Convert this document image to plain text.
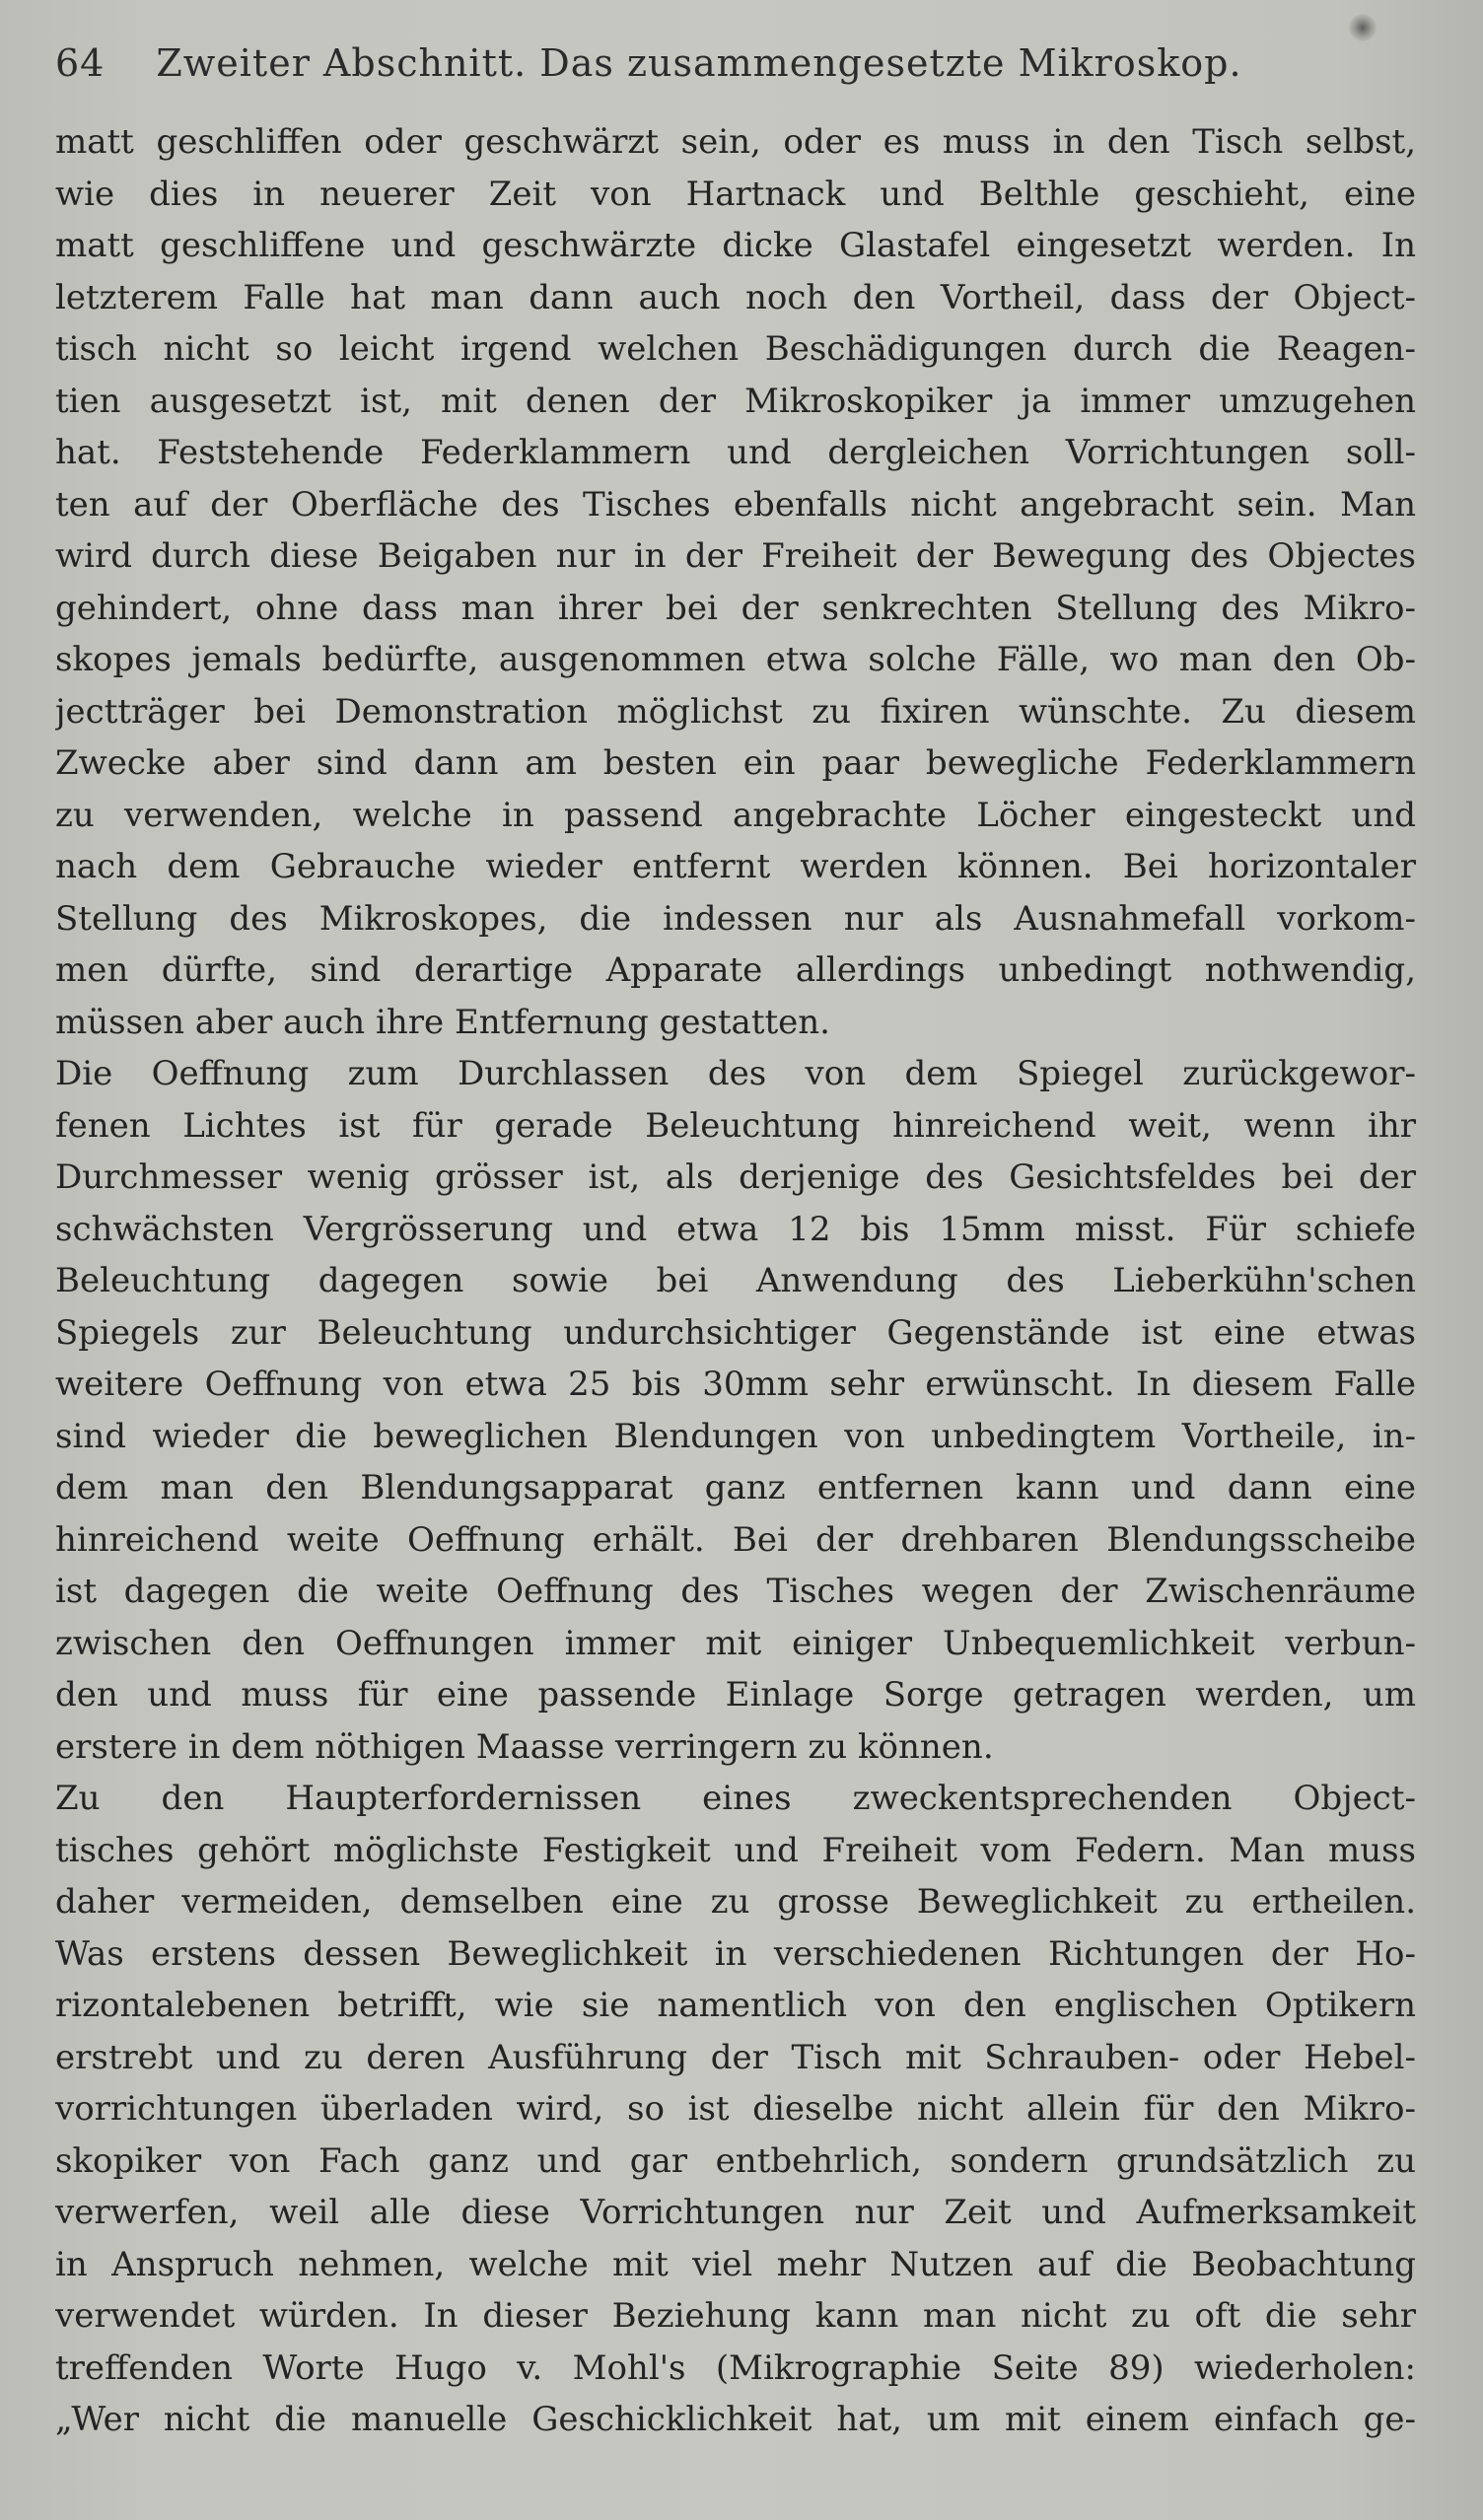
64 Zweiter Abschnitt. Das zusammengesetzte Mikroskop.
matt geschliffen oder geschwärzt sein, oder es muss in den Tisch selbst,
wie dies in neuerer Zeit von Hartnack und Belthle geschieht, eine
matt geschliffene und geschwärzte dicke Glastafel eingesetzt werden. In
letzterem Falle hat man dann auch noch den Vortheil, dass der Object-
tisch nicht so leicht irgend welchen Beschädigungen durch die Reagen-
tien ausgesetzt ist, mit denen der Mikroskopiker ja immer umzugehen
hat. Feststehende Federklammern und dergleichen Vorrichtungen soll-
ten auf der Oberfläche des Tisches ebenfalls nicht angebracht sein. Man
wird durch diese Beigaben nur in der Freiheit der Bewegung des Objectes
gehindert, ohne dass man ihrer bei der senkrechten Stellung des Mikro-
skopes jemals bedürfte, ausgenommen etwa solche Fälle, wo man den Ob-
jectträger bei Demonstration möglichst zu fixiren wünschte. Zu diesem
Zwecke aber sind dann am besten ein paar bewegliche Federklammern
zu verwenden, welche in passend angebrachte Löcher eingesteckt und
nach dem Gebrauche wieder entfernt werden können. Bei horizontaler
Stellung des Mikroskopes, die indessen nur als Ausnahmefall vorkom-
men dürfte, sind derartige Apparate allerdings unbedingt nothwendig,
müssen aber auch ihre Entfernung gestatten.
Die Oeffnung zum Durchlassen des von dem Spiegel zurückgewor-
fenen Lichtes ist für gerade Beleuchtung hinreichend weit, wenn ihr
Durchmesser wenig grösser ist, als derjenige des Gesichtsfeldes bei der
schwächsten Vergrösserung und etwa 12 bis 15mm misst. Für schiefe
Beleuchtung dagegen sowie bei Anwendung des Lieberkühn'schen
Spiegels zur Beleuchtung undurchsichtiger Gegenstände ist eine etwas
weitere Oeffnung von etwa 25 bis 30mm sehr erwünscht. In diesem Falle
sind wieder die beweglichen Blendungen von unbedingtem Vortheile, in-
dem man den Blendungsapparat ganz entfernen kann und dann eine
hinreichend weite Oeffnung erhält. Bei der drehbaren Blendungsscheibe
ist dagegen die weite Oeffnung des Tisches wegen der Zwischenräume
zwischen den Oeffnungen immer mit einiger Unbequemlichkeit verbun-
den und muss für eine passende Einlage Sorge getragen werden, um
erstere in dem nöthigen Maasse verringern zu können.
Zu den Haupterfordernissen eines zweckentsprechenden Object-
tisches gehört möglichste Festigkeit und Freiheit vom Federn. Man muss
daher vermeiden, demselben eine zu grosse Beweglichkeit zu ertheilen.
Was erstens dessen Beweglichkeit in verschiedenen Richtungen der Ho-
rizontalebenen betrifft, wie sie namentlich von den englischen Optikern
erstrebt und zu deren Ausführung der Tisch mit Schrauben- oder Hebel-
vorrichtungen überladen wird, so ist dieselbe nicht allein für den Mikro-
skopiker von Fach ganz und gar entbehrlich, sondern grundsätzlich zu
verwerfen, weil alle diese Vorrichtungen nur Zeit und Aufmerksamkeit
in Anspruch nehmen, welche mit viel mehr Nutzen auf die Beobachtung
verwendet würden. In dieser Beziehung kann man nicht zu oft die sehr
treffenden Worte Hugo v. Mohl's (Mikrographie Seite 89) wiederholen:
„Wer nicht die manuelle Geschicklichkeit hat, um mit einem einfach ge-
